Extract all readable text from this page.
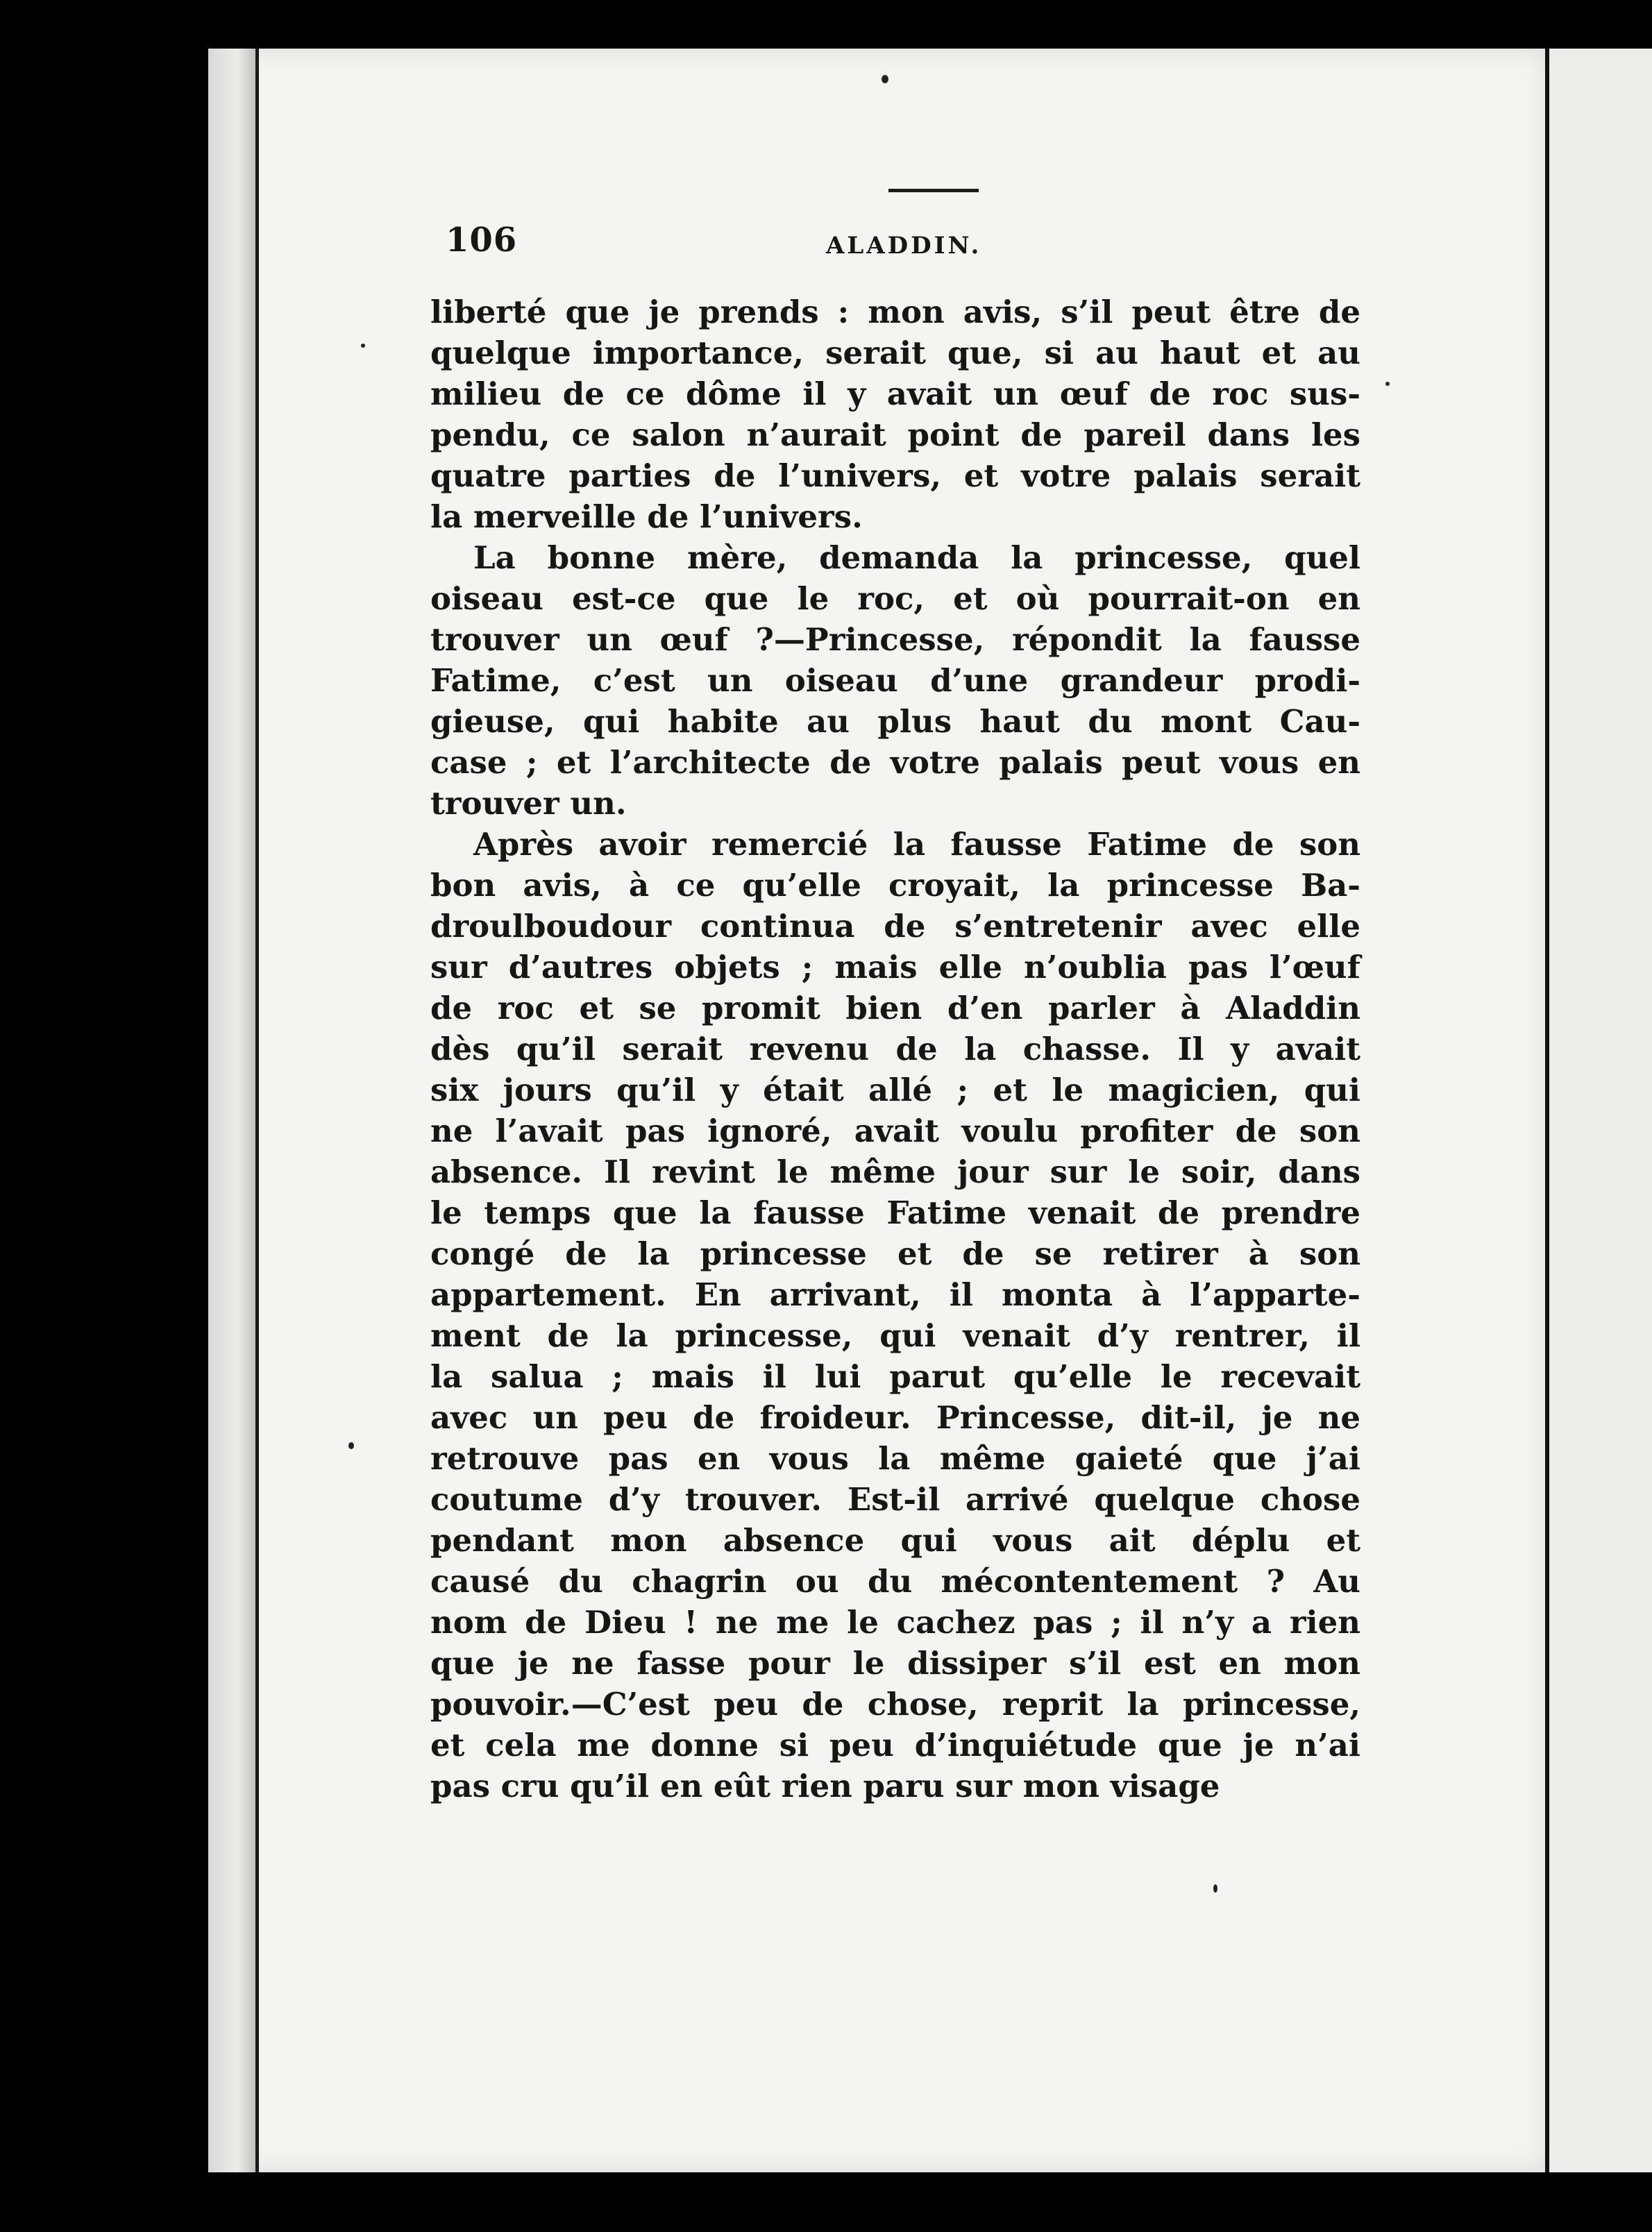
106	ALADDIN.
liberté que je prends : mon avis, s’il peut être de
quelque importance, serait que, si au haut et au
milieu de ce dôme il y avait un œuf de roc sus-
pendu, ce salon n’aurait point de pareil dans les
quatre parties de l’univers, et votre palais serait
la merveille de l’univers.
La bonne mère, demanda la princesse, quel
oiseau est-ce que le roc, et où pourrait-on en
trouver un œuf ?—Princesse, répondit la fausse
Fatime, c’est un oiseau d’une grandeur prodi-
gieuse, qui habite au plus haut du mont Cau-
case ; et l’architecte de votre palais peut vous en
trouver un.
Après avoir remercié la fausse Fatime de son
bon avis, à ce qu’elle croyait, la princesse Ba-
droulboudour continua de s’entretenir avec elle
sur d’autres objets ; mais elle n’oublia pas l’œuf
de roc et se promit bien d’en parler à Aladdin
dès qu’il serait revenu de la chasse. Il y avait
six jours qu’il y était allé ; et le magicien, qui
ne l’avait pas ignoré, avait voulu profiter de son
absence. Il revint le même jour sur le soir, dans
le temps que la fausse Fatime venait de prendre
congé de la princesse et de se retirer à son
appartement. En arrivant, il monta à l’apparte-
ment de la princesse, qui venait d’y rentrer, il
la salua ; mais il lui parut qu’elle le recevait
avec un peu de froideur. Princesse, dit-il, je ne
retrouve pas en vous la même gaieté que j’ai
coutume d’y trouver. Est-il arrivé quelque chose
pendant mon absence qui vous ait déplu et
causé du chagrin ou du mécontentement ? Au
nom de Dieu ! ne me le cachez pas ; il n’y a rien
que je ne fasse pour le dissiper s’il est en mon
pouvoir.—C’est peu de chose, reprit la princesse,
et cela me donne si peu d’inquiétude que je n’ai
pas cru qu’il en eût rien paru sur mon visage
